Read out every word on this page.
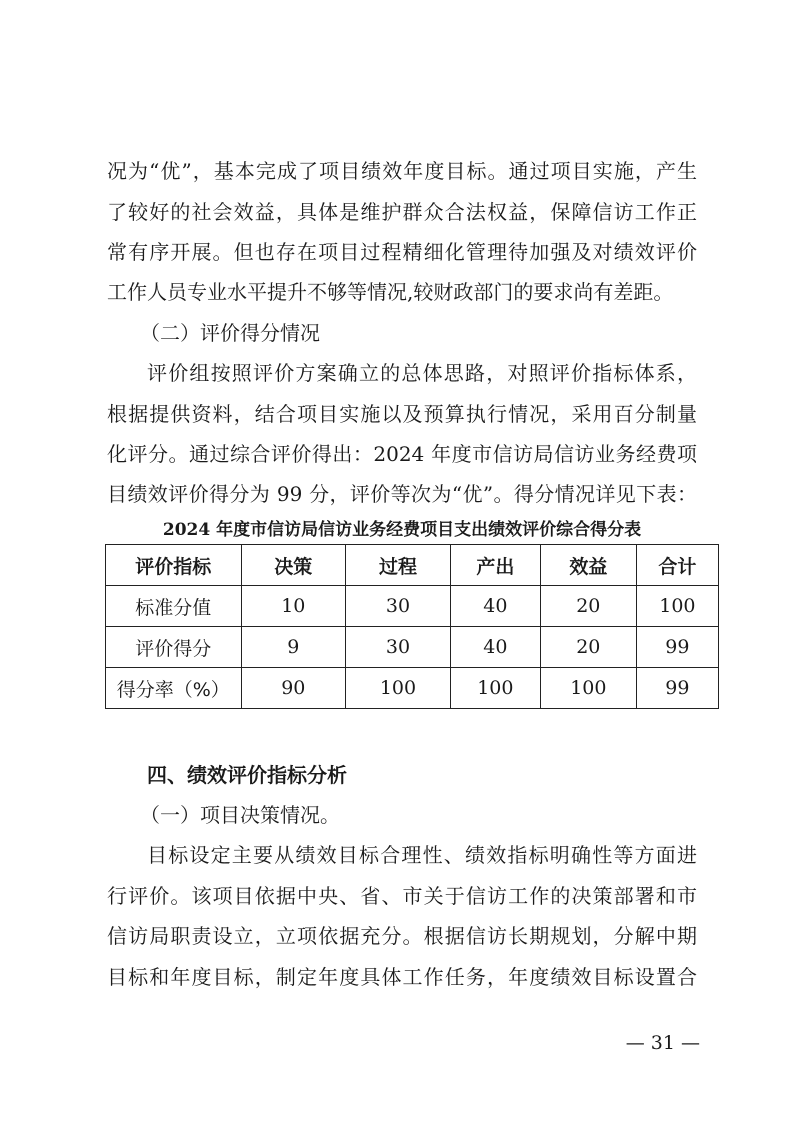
况为“优”，基本完成了项目绩效年度目标。通过项目实施，产生
了较好的社会效益，具体是维护群众合法权益，保障信访工作正
常有序开展。但也存在项目过程精细化管理待加强及对绩效评价
工作人员专业水平提升不够等情况,较财政部门的要求尚有差距。
（二）评价得分情况
评价组按照评价方案确立的总体思路，对照评价指标体系，
根据提供资料，结合项目实施以及预算执行情况，采用百分制量
化评分。通过综合评价得出：2024 年度市信访局信访业务经费项
目绩效评价得分为 99 分，评价等次为“优”。得分情况详见下表：
2024 年度市信访局信访业务经费项目支出绩效评价综合得分表
评价指标	决策	过程	产出	效益	合计
标准分值	10	30	40	20	100
评价得分	9	30	40	20	99
得分率（%）	90	100	100	100	99
四、绩效评价指标分析
（一）项目决策情况。
目标设定主要从绩效目标合理性、绩效指标明确性等方面进
行评价。该项目依据中央、省、市关于信访工作的决策部署和市
信访局职责设立，立项依据充分。根据信访长期规划，分解中期
目标和年度目标，制定年度具体工作任务，年度绩效目标设置合
— 31 —
